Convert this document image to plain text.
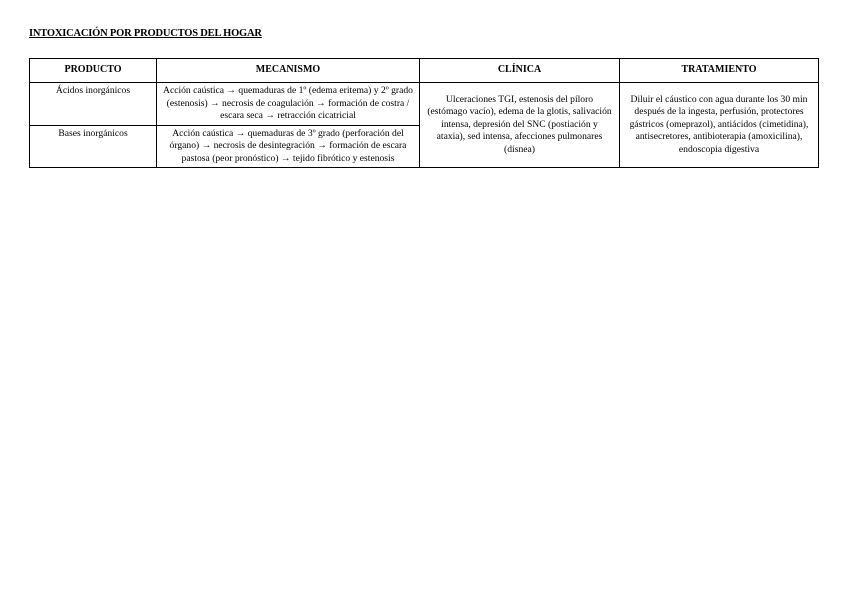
INTOXICACIÓN POR PRODUCTOS DEL HOGAR
PRODUCTO	MECANISMO	CLÍNICA	TRATAMIENTO
Ácidos inorgánicos	Acción caústica → quemaduras de 1º (edema eritema) y 2º grado (estenosis) → necrosis de coagulación → formación de costra / escara seca → retracción cicatricial	Ulceraciones TGI, estenosis del píloro (estómago vacío), edema de la glotis, salivación intensa, depresión del SNC (postiación y ataxia), sed intensa, afecciones pulmonares (disnea)	Diluir el cáustico con agua durante los 30 min después de la ingesta, perfusión, protectores gástricos (omeprazol), antiácidos (cimetidina), antisecretores, antibioterapia (amoxicilina), endoscopia digestiva
Bases inorgánicos	Acción caústica → quemaduras de 3º grado (perforación del órgano) → necrosis de desintegración → formación de escara pastosa (peor pronóstico) → tejido fibrótico y estenosis		
